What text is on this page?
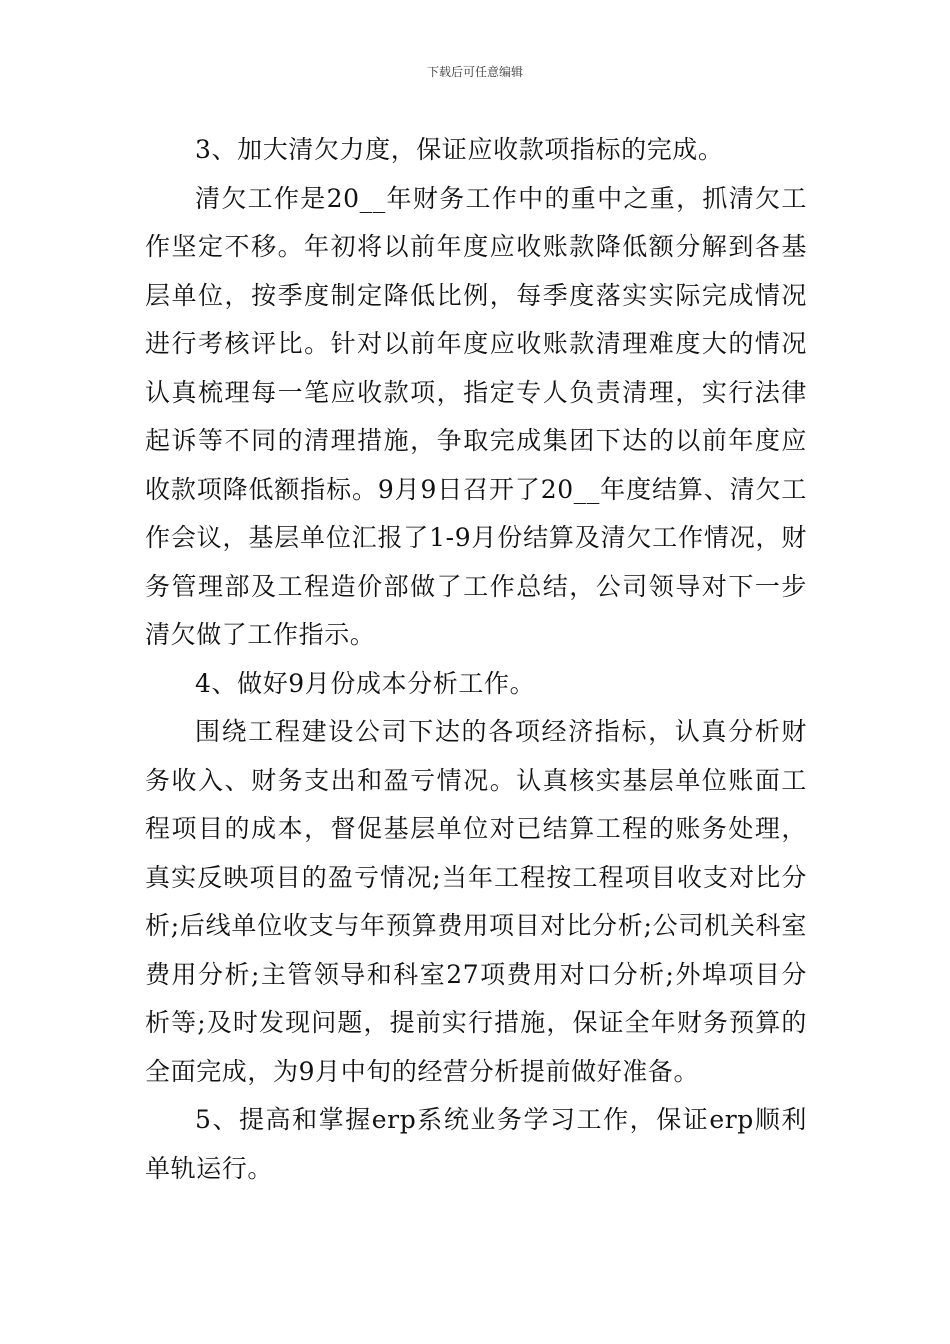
下载后可任意编辑

3、加大清欠力度，保证应收款项指标的完成。

清欠工作是20__年财务工作中的重中之重，抓清欠工作坚定不移。年初将以前年度应收账款降低额分解到各基层单位，按季度制定降低比例，每季度落实实际完成情况进行考核评比。针对以前年度应收账款清理难度大的情况认真梳理每一笔应收款项，指定专人负责清理，实行法律起诉等不同的清理措施，争取完成集团下达的以前年度应收款项降低额指标。9月9日召开了20__年度结算、清欠工作会议，基层单位汇报了1-9月份结算及清欠工作情况，财务管理部及工程造价部做了工作总结，公司领导对下一步清欠做了工作指示。

4、做好9月份成本分析工作。

围绕工程建设公司下达的各项经济指标，认真分析财务收入、财务支出和盈亏情况。认真核实基层单位账面工程项目的成本，督促基层单位对已结算工程的账务处理，真实反映项目的盈亏情况;当年工程按工程项目收支对比分析;后线单位收支与年预算费用项目对比分析;公司机关科室费用分析;主管领导和科室27项费用对口分析;外埠项目分析等;及时发现问题，提前实行措施，保证全年财务预算的全面完成，为9月中旬的经营分析提前做好准备。

5、提高和掌握erp系统业务学习工作，保证erp顺利单轨运行。
